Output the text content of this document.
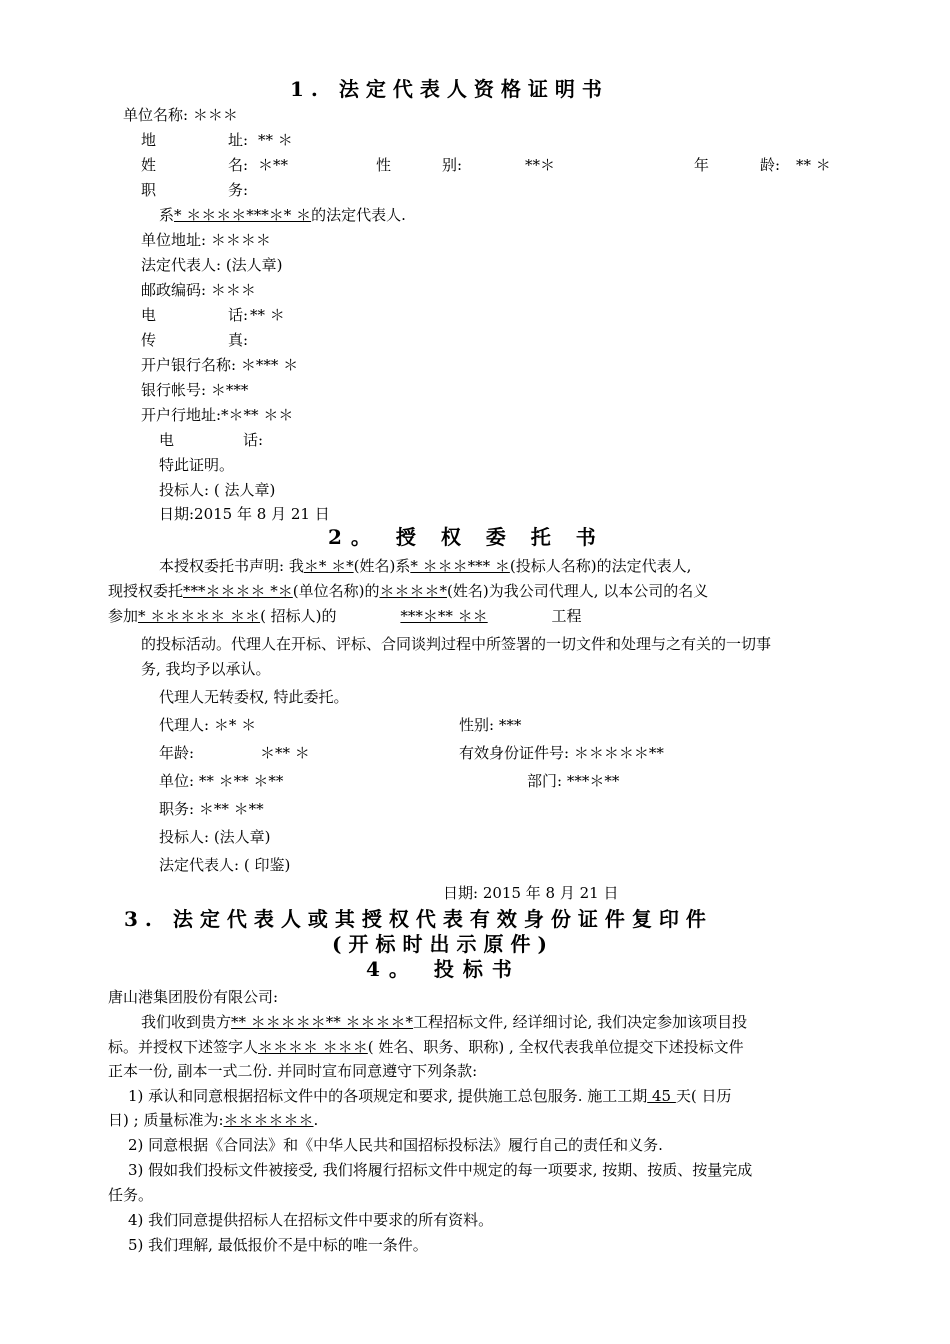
1. 法定代表人资格证明书
单位名称: ＊＊＊
地	址: ** ＊
姓	名: ＊**	性	别:	**＊	年	龄: ** ＊
职	务:
系* ＊＊＊＊***＊* ＊的法定代表人.
单位地址: ＊＊＊＊
法定代表人: (法人章)
邮政编码: ＊＊＊
电	话: ** ＊
传	真:
开户银行名称: ＊*** ＊
银行帐号: ＊***
开户行地址:*＊** ＊＊
电	话:
特此证明。
投标人: ( 法人章)
日期:2015 年 8 月 21 日
2。 授 权 委 托 书
本授权委托书声明: 我＊* ＊*(姓名)系* ＊＊＊*** ＊(投标人名称)的法定代表人,
现授权委托***＊＊＊＊ *＊(单位名称)的＊＊＊＊*(姓名)为我公司代理人, 以本公司的名义
参加* ＊＊＊＊＊ ＊＊( 招标人)的	***＊** ＊＊	工程
的投标活动。代理人在开标、评标、合同谈判过程中所签署的一切文件和处理与之有关的一切事
务, 我均予以承认。
代理人无转委权, 特此委托。
代理人: ＊* ＊	性别: ***
年龄:	＊** ＊	有效身份证件号: ＊＊＊＊＊**
单位: ** ＊** ＊**	部门: ***＊**
职务: ＊** ＊**
投标人: (法人章)
法定代表人: ( 印鉴)
日期: 2015 年 8 月 21 日
3. 法定代表人或其授权代表有效身份证件复印件
(开标时出示原件)
4。 投标书
唐山港集团股份有限公司:
我们收到贵方** ＊＊＊＊＊** ＊＊＊＊*工程招标文件, 经详细讨论, 我们决定参加该项目投
标。并授权下述签字人＊＊＊＊ ＊＊＊( 姓名、职务、职称) , 全权代表我单位提交下述投标文件
正本一份, 副本一式二份. 并同时宣布同意遵守下列条款:
1) 承认和同意根据招标文件中的各项规定和要求, 提供施工总包服务. 施工工期 45 天( 日历
日) ; 质量标准为:＊＊＊＊＊＊.
2) 同意根据《合同法》和《中华人民共和国招标投标法》履行自己的责任和义务.
3) 假如我们投标文件被接受, 我们将履行招标文件中规定的每一项要求, 按期、按质、按量完成
任务。
4) 我们同意提供招标人在招标文件中要求的所有资料。
5) 我们理解, 最低报价不是中标的唯一条件。
